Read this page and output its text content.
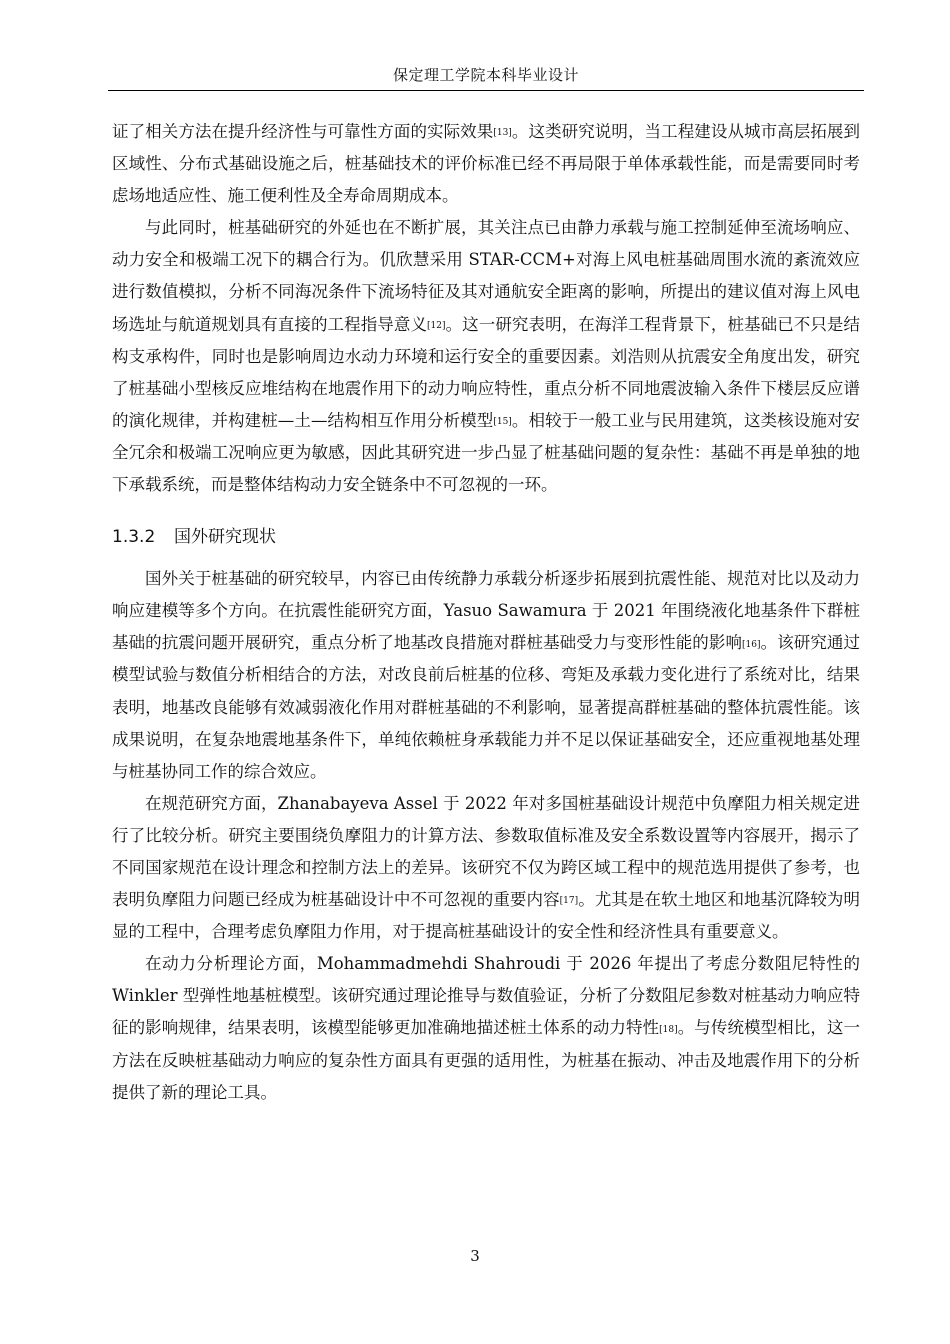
保定理工学院本科毕业设计

证了相关方法在提升经济性与可靠性方面的实际效果[13]。这类研究说明，当工程建设从城市高层拓展到区域性、分布式基础设施之后，桩基础技术的评价标准已经不再局限于单体承载性能，而是需要同时考虑场地适应性、施工便利性及全寿命周期成本。

与此同时，桩基础研究的外延也在不断扩展，其关注点已由静力承载与施工控制延伸至流场响应、动力安全和极端工况下的耦合行为。仉欣慧采用 STAR-CCM+对海上风电桩基础周围水流的紊流效应进行数值模拟，分析不同海况条件下流场特征及其对通航安全距离的影响，所提出的建议值对海上风电场选址与航道规划具有直接的工程指导意义[12]。这一研究表明，在海洋工程背景下，桩基础已不只是结构支承构件，同时也是影响周边水动力环境和运行安全的重要因素。刘浩则从抗震安全角度出发，研究了桩基础小型核反应堆结构在地震作用下的动力响应特性，重点分析不同地震波输入条件下楼层反应谱的演化规律，并构建桩—土—结构相互作用分析模型[15]。相较于一般工业与民用建筑，这类核设施对安全冗余和极端工况响应更为敏感，因此其研究进一步凸显了桩基础问题的复杂性：基础不再是单独的地下承载系统，而是整体结构动力安全链条中不可忽视的一环。

1.3.2	国外研究现状

国外关于桩基础的研究较早，内容已由传统静力承载分析逐步拓展到抗震性能、规范对比以及动力响应建模等多个方向。在抗震性能研究方面，Yasuo Sawamura 于 2021 年围绕液化地基条件下群桩基础的抗震问题开展研究，重点分析了地基改良措施对群桩基础受力与变形性能的影响[16]。该研究通过模型试验与数值分析相结合的方法，对改良前后桩基的位移、弯矩及承载力变化进行了系统对比，结果表明，地基改良能够有效减弱液化作用对群桩基础的不利影响，显著提高群桩基础的整体抗震性能。该成果说明，在复杂地震地基条件下，单纯依赖桩身承载能力并不足以保证基础安全，还应重视地基处理与桩基协同工作的综合效应。

在规范研究方面，Zhanabayeva Assel 于 2022 年对多国桩基础设计规范中负摩阻力相关规定进行了比较分析。研究主要围绕负摩阻力的计算方法、参数取值标准及安全系数设置等内容展开，揭示了不同国家规范在设计理念和控制方法上的差异。该研究不仅为跨区域工程中的规范选用提供了参考，也表明负摩阻力问题已经成为桩基础设计中不可忽视的重要内容[17]。尤其是在软土地区和地基沉降较为明显的工程中，合理考虑负摩阻力作用，对于提高桩基础设计的安全性和经济性具有重要意义。

在动力分析理论方面，Mohammadmehdi Shahroudi 于 2026 年提出了考虑分数阻尼特性的 Winkler 型弹性地基桩模型。该研究通过理论推导与数值验证，分析了分数阻尼参数对桩基动力响应特征的影响规律，结果表明，该模型能够更加准确地描述桩土体系的动力特性[18]。与传统模型相比，这一方法在反映桩基础动力响应的复杂性方面具有更强的适用性，为桩基在振动、冲击及地震作用下的分析提供了新的理论工具。

3
